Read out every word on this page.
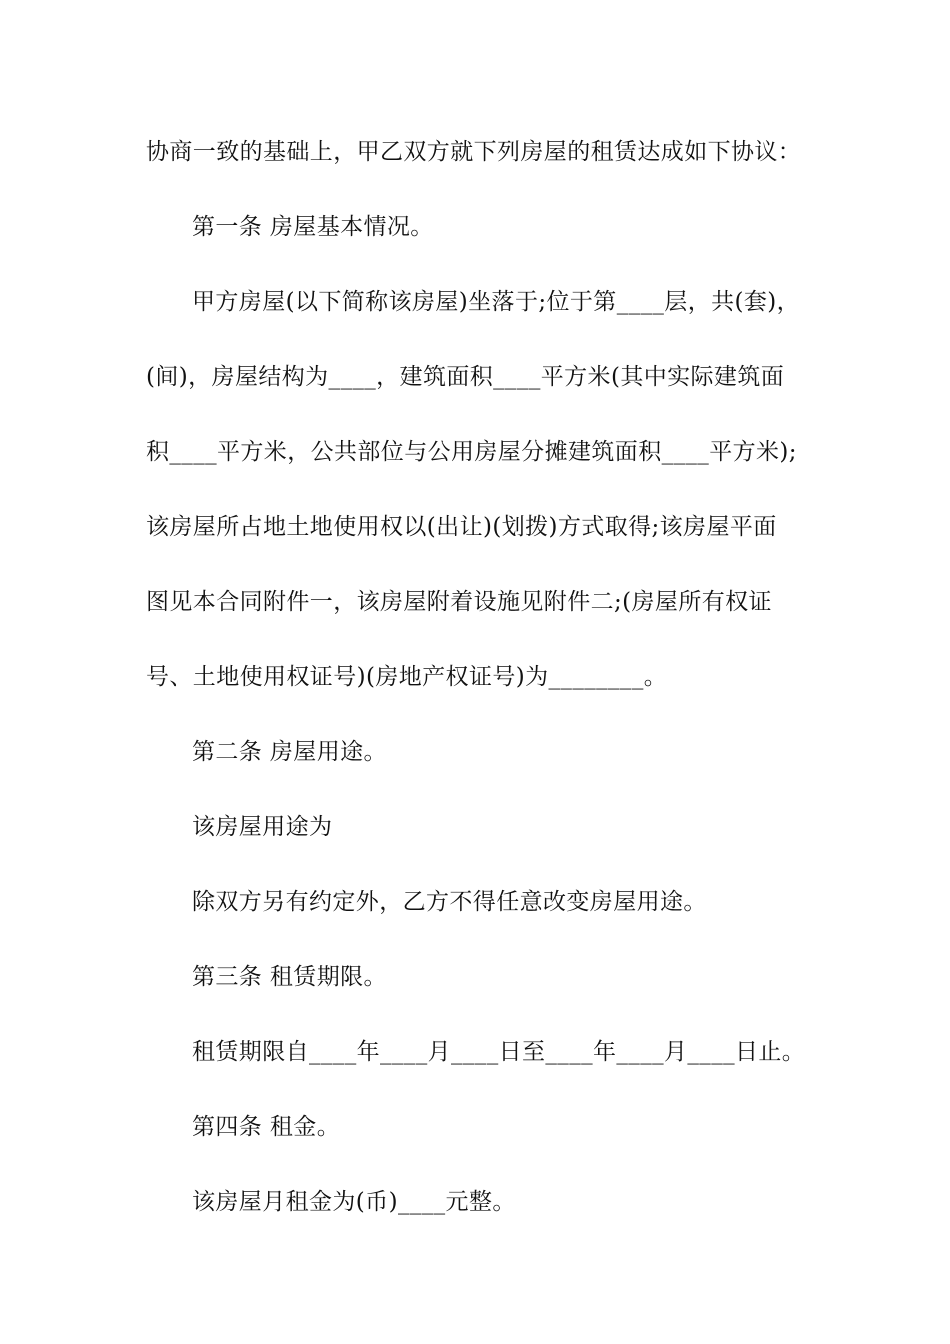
协商一致的基础上，甲乙双方就下列房屋的租赁达成如下协议：
第一条 房屋基本情况。
甲方房屋(以下简称该房屋)坐落于;位于第____层，共(套)，
(间)，房屋结构为____，建筑面积____平方米(其中实际建筑面
积____平方米，公共部位与公用房屋分摊建筑面积____平方米);
该房屋所占地土地使用权以(出让)(划拨)方式取得;该房屋平面
图见本合同附件一，该房屋附着设施见附件二;(房屋所有权证
号、土地使用权证号)(房地产权证号)为________。
第二条 房屋用途。
该房屋用途为
除双方另有约定外，乙方不得任意改变房屋用途。
第三条 租赁期限。
租赁期限自____年____月____日至____年____月____日止。
第四条 租金。
该房屋月租金为(币)____元整。
